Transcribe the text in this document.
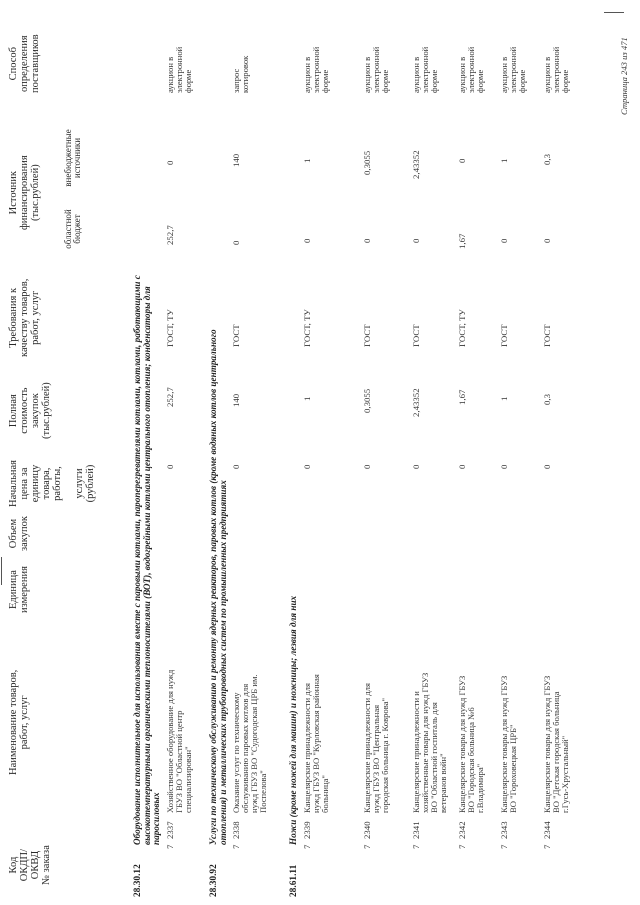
Код ОКДП/ ОКВД № заказа
Наименование товаров, работ, услуг
Единица измерения
Объем закупок
Начальная цена за единицу товара, работы,
услуги (рублей)
Полная стоимость закупок (тыс.рублей)
Требования к качеству товаров, работ, услуг
Источник финансирования (тыс.рублей)
областной бюджет
внебюджетные источники
Способ определения поставщиков
28.30.12
Оборудование исполнительное для использования вместе с паровыми котлами, пароперегревателями котлами, котлами, работающими с высокотемпературными органическими теплоносителями (ВОТ), водогрейными котлами центрального отопления; конденсаторы для паросиловых
7
2337
Хозяйственное оборудование для нужд ГБУЗ ВО "Областной центр специализирован"
0
252,7
ГОСТ, ТУ
252,7
0
аукцион в электронной форме
28.30.92
Услуги по техническому обслуживанию и ремонту ядерных реакторов, паровых котлов (кроме водяных котлов центрального отопления) и металлических трубопроводных систем по промышленных предприятиях
7
2338
Оказание услуг по техническому обслуживанию паровых котлов для нужд ГБУЗ ВО "Судогодская ЦРБ им. Поспелова"
0
140
ГОСТ
0
140
запрос котировок
28.61.11
Ножи (кроме ножей для машин) и ножницы; лезвия для них
7
2339
Канцелярские принадлежности для нужд ГБУЗ ВО "Курловская районная больница"
0
1
ГОСТ, ТУ
0
1
аукцион в электронной форме
7
2340
Канцелярские принадлежности для нужд ГБУЗ ВО "Центральная городская больница г. Коврова"
0
0,3055
ГОСТ
0
0,3055
аукцион в электронной форме
7
2341
Канцелярские принадлежности и хозяйственные товары для нужд ГБУЗ ВО "Областной госпиталь для ветеранов войн"
0
2,43352
ГОСТ
0
2,43352
аукцион в электронной форме
7
2342
Канцелярские товары для нужд ГБУЗ ВО "Городская больница №6 г.Владимира"
0
1,67
ГОСТ, ТУ
1,67
0
аукцион в электронной форме
7
2343
Канцелярские товары для нужд ГБУЗ ВО "Гороховецкая ЦРБ"
0
1
ГОСТ
0
1
аукцион в электронной форме
7
2344
Канцелярские товары для нужд ГБУЗ ВО "Детская городская больница г.Гусь-Хрустальный"
0
0,3
ГОСТ
0
0,3
аукцион в электронной форме	Страница 243 из 471
